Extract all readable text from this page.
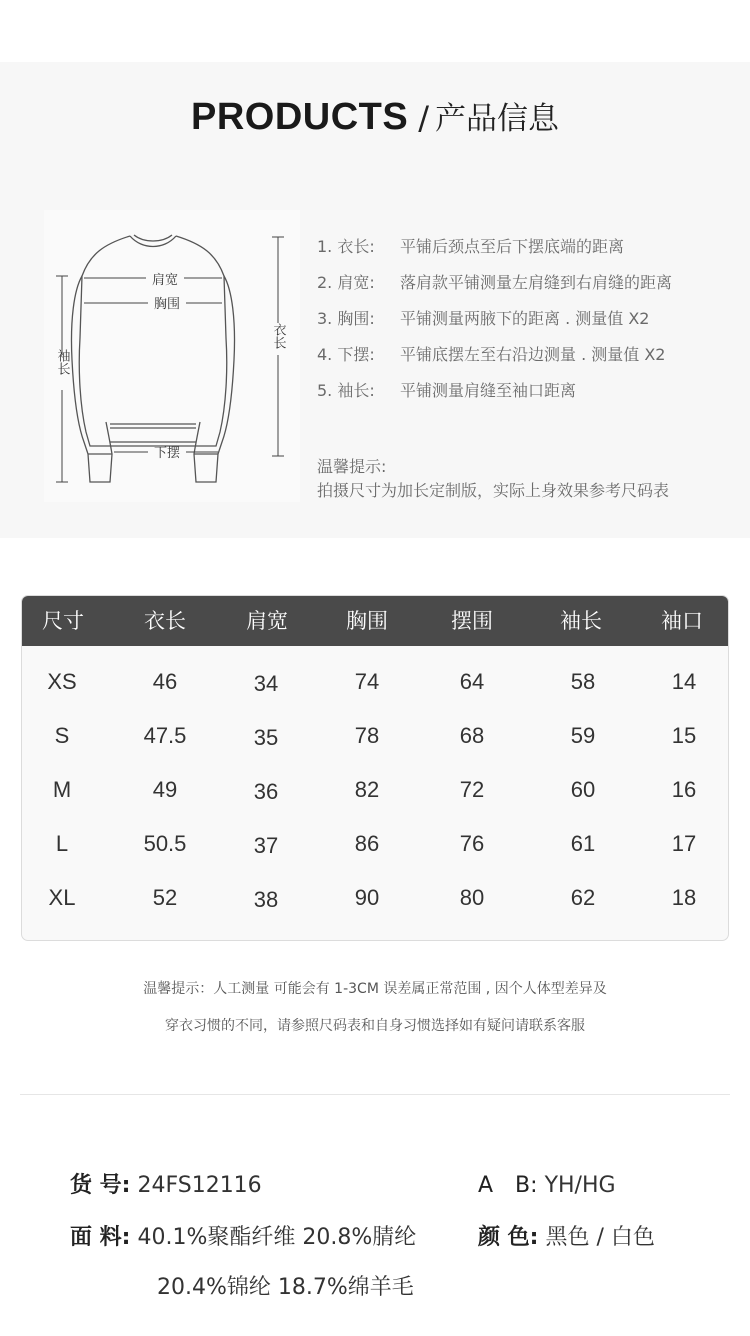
PRODUCTS / 产品信息
肩宽
胸围
下摆
衣长
袖长
1. 衣长:	平铺后颈点至后下摆底端的距离
2. 肩宽:	落肩款平铺测量左肩缝到右肩缝的距离
3. 胸围:	平铺测量两腋下的距离 . 测量值 X2
4. 下摆:	平铺底摆左至右沿边测量 . 测量值 X2
5. 袖长:	平铺测量肩缝至袖口距离
温馨提示:
拍摄尺寸为加长定制版，实际上身效果参考尺码表
尺寸	衣长	肩宽	胸围	摆围	袖长	袖口
XS	46	34	74	64	58	14
S	47.5	35	78	68	59	15
M	49	36	82	72	60	16
L	50.5	37	86	76	61	17
XL	52	38	90	80	62	18
温馨提示：人工测量 可能会有 1-3CM 误差属正常范围 , 因个人体型差异及
穿衣习惯的不同，请参照尺码表和自身习惯选择如有疑问请联系客服
货 号: 24FS12116	A　B: YH/HG
面 料: 40.1%聚酯纤维 20.8%腈纶
20.4%锦纶 18.7%绵羊毛
颜 色: 黑色 / 白色
